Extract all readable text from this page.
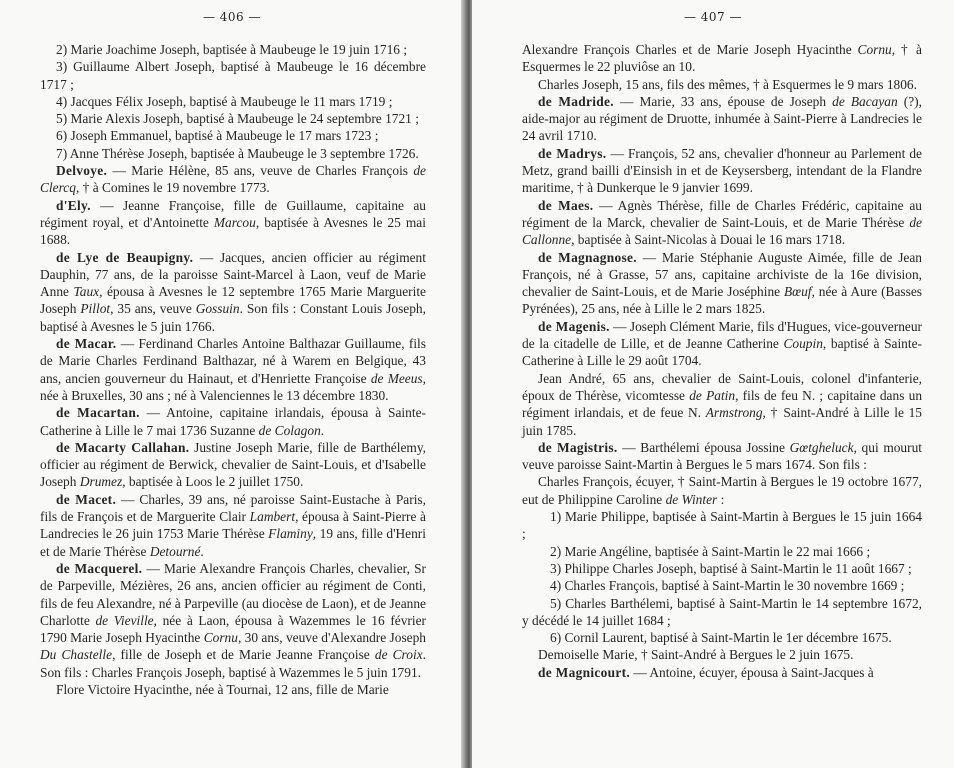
— 406 —

2) Marie Joachime Joseph, baptisée à Maubeuge le 19 juin 1716 ;

3) Guillaume Albert Joseph, baptisé à Maubeuge le 16 décembre 1717 ;

4) Jacques Félix Joseph, baptisé à Maubeuge le 11 mars 1719 ;

5) Marie Alexis Joseph, baptisé à Maubeuge le 24 septembre 1721 ;

6) Joseph Emmanuel, baptisé à Maubeuge le 17 mars 1723 ;

7) Anne Thérèse Joseph, baptisée à Maubeuge le 3 septembre 1726.

Delvoye. — Marie Hélène, 85 ans, veuve de Charles François de Clercq, † à Comines le 19 novembre 1773.

d'Ely. — Jeanne Françoise, fille de Guillaume, capitaine au régiment royal, et d'Antoinette Marcou, baptisée à Avesnes le 25 mai 1688.

de Lye de Beaupigny. — Jacques, ancien officier au régiment Dauphin, 77 ans, de la paroisse Saint-Marcel à Laon, veuf de Marie Anne Taux, épousa à Avesnes le 12 septembre 1765 Marie Marguerite Joseph Pillot, 35 ans, veuve Gossuin. Son fils : Constant Louis Joseph, baptisé à Avesnes le 5 juin 1766.

de Macar. — Ferdinand Charles Antoine Balthazar Guillaume, fils de Marie Charles Ferdinand Balthazar, né à Warem en Belgique, 43 ans, ancien gouverneur du Hainaut, et d'Henriette Françoise de Meeus, née à Bruxelles, 30 ans ; né à Valenciennes le 13 décembre 1830.

de Macartan. — Antoine, capitaine irlandais, épousa à Sainte-Catherine à Lille le 7 mai 1736 Suzanne de Colagon.

de Macarty Callahan. Justine Joseph Marie, fille de Barthélemy, officier au régiment de Berwick, chevalier de Saint-Louis, et d'Isabelle Joseph Drumez, baptisée à Loos le 2 juillet 1750.

de Macet. — Charles, 39 ans, né paroisse Saint-Eustache à Paris, fils de François et de Marguerite Clair Lambert, épousa à Saint-Pierre à Landrecies le 26 juin 1753 Marie Thérèse Flaminy, 19 ans, fille d'Henri et de Marie Thérèse Detourné.

de Macquerel. — Marie Alexandre François Charles, chevalier, Sr de Parpeville, Mézières, 26 ans, ancien officier au régiment de Conti, fils de feu Alexandre, né à Parpeville (au diocèse de Laon), et de Jeanne Charlotte de Vieville, née à Laon, épousa à Wazemmes le 16 février 1790 Marie Joseph Hyacinthe Cornu, 30 ans, veuve d'Alexandre Joseph Du Chastelle, fille de Joseph et de Marie Jeanne Françoise de Croix. Son fils : Charles François Joseph, baptisé à Wazemmes le 5 juin 1791.

Flore Victoire Hyacinthe, née à Tournai, 12 ans, fille de Marie

— 407 —

Alexandre François Charles et de Marie Joseph Hyacinthe Cornu, † à Esquermes le 22 pluviôse an 10.

Charles Joseph, 15 ans, fils des mêmes, † à Esquermes le 9 mars 1806.

de Madride. — Marie, 33 ans, épouse de Joseph de Bacayan (?), aide-major au régiment de Druotte, inhumée à Saint-Pierre à Landrecies le 24 avril 1710.

de Madrys. — François, 52 ans, chevalier d'honneur au Parlement de Metz, grand bailli d'Einsish in et de Keysersberg, intendant de la Flandre maritime, † à Dunkerque le 9 janvier 1699.

de Maes. — Agnès Thérèse, fille de Charles Frédéric, capitaine au régiment de la Marck, chevalier de Saint-Louis, et de Marie Thérèse de Callonne, baptisée à Saint-Nicolas à Douai le 16 mars 1718.

de Magnagnose. — Marie Stéphanie Auguste Aimée, fille de Jean François, né à Grasse, 57 ans, capitaine archiviste de la 16e division, chevalier de Saint-Louis, et de Marie Joséphine Bœuf, née à Aure (Basses Pyrénées), 25 ans, née à Lille le 2 mars 1825.

de Magenis. — Joseph Clément Marie, fils d'Hugues, vice-gouverneur de la citadelle de Lille, et de Jeanne Catherine Coupin, baptisé à Sainte-Catherine à Lille le 29 août 1704.

Jean André, 65 ans, chevalier de Saint-Louis, colonel d'infanterie, époux de Thérèse, vicomtesse de Patin, fils de feu N. ; capitaine dans un régiment irlandais, et de feue N. Armstrong, † Saint-André à Lille le 15 juin 1785.

de Magistris. — Barthélemi épousa Jossine Gœtgheluck, qui mourut veuve paroisse Saint-Martin à Bergues le 5 mars 1674. Son fils :

Charles François, écuyer, † Saint-Martin à Bergues le 19 octobre 1677, eut de Philippine Caroline de Winter :

1) Marie Philippe, baptisée à Saint-Martin à Bergues le 15 juin 1664 ;

2) Marie Angéline, baptisée à Saint-Martin le 22 mai 1666 ;

3) Philippe Charles Joseph, baptisé à Saint-Martin le 11 août 1667 ;

4) Charles François, baptisé à Saint-Martin le 30 novembre 1669 ;

5) Charles Barthélemi, baptisé à Saint-Martin le 14 septembre 1672, y décédé le 14 juillet 1684 ;

6) Cornil Laurent, baptisé à Saint-Martin le 1er décembre 1675.

Demoiselle Marie, † Saint-André à Bergues le 2 juin 1675.

de Magnicourt. — Antoine, écuyer, épousa à Saint-Jacques à
